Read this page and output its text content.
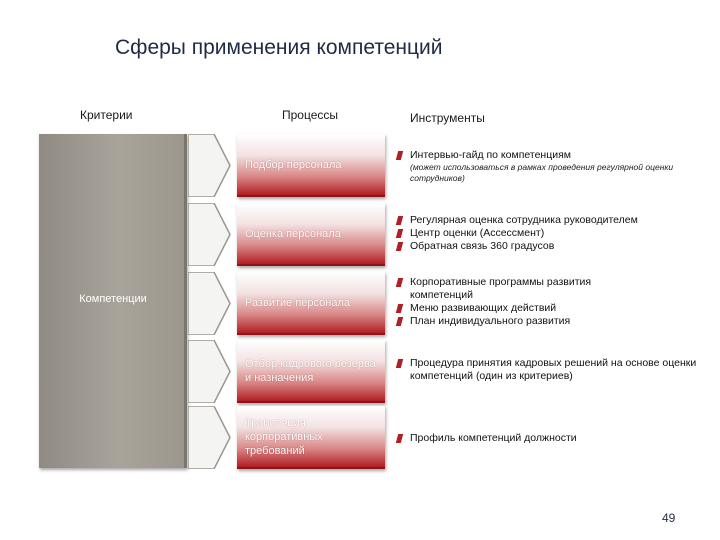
Сферы применения компетенций
Критерии	Процессы	Инструменты
Компетенции
Подбор персонала
Оценка персонала
Развитие персонала
Отбор кадрового резерва и назначения
Трансляция корпоративных требований
Интервью-гайд по компетенциям
(может использоваться в рамках проведения регулярной оценки сотрудников)
Регулярная оценка сотрудника руководителем
Центр оценки (Ассессмент)
Обратная связь 360 градусов
Корпоративные программы развития компетенций
Меню развивающих действий
План индивидуального развития
Процедура принятия кадровых решений на основе оценки компетенций (один из критериев)
Профиль компетенций должности
49
